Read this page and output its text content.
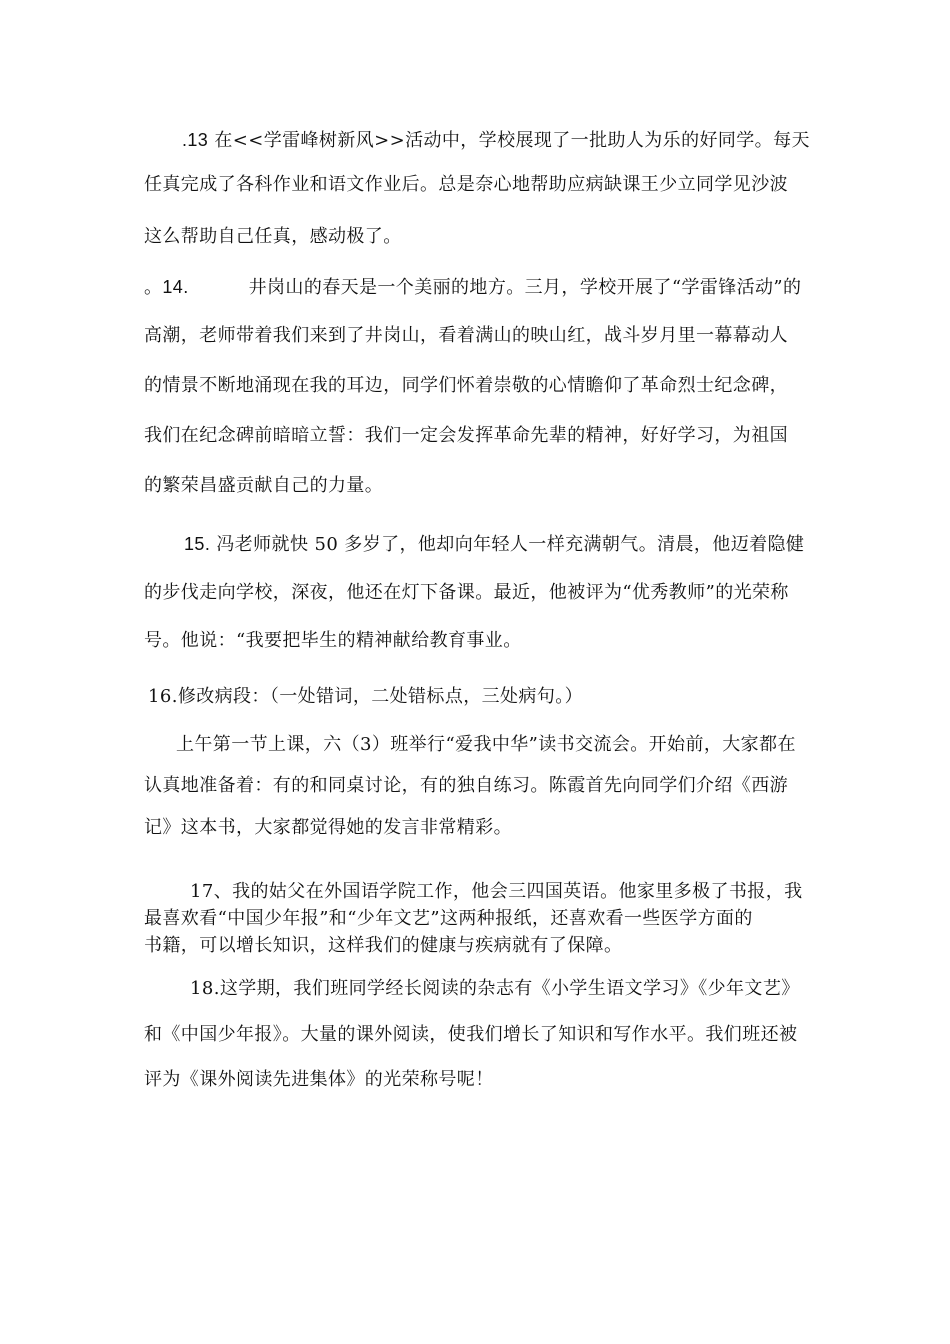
.13 在<<学雷峰树新风>>活动中，学校展现了一批助人为乐的好同学。每天
任真完成了各科作业和语文作业后。总是奈心地帮助应病缺课王少立同学见沙波
这么帮助自己任真，感动极了。
。14.	井岗山的春天是一个美丽的地方。三月，学校开展了“学雷锋活动”的
高潮，老师带着我们来到了井岗山，看着满山的映山红，战斗岁月里一幕幕动人
的情景不断地涌现在我的耳边，同学们怀着崇敬的心情瞻仰了革命烈士纪念碑，
我们在纪念碑前暗暗立誓：我们一定会发挥革命先辈的精神，好好学习，为祖国
的繁荣昌盛贡献自己的力量。
15. 冯老师就快 50 多岁了，他却向年轻人一样充满朝气。清晨，他迈着隐健
的步伐走向学校，深夜，他还在灯下备课。最近，他被评为“优秀教师”的光荣称
号。他说：“我要把毕生的精神献给教育事业。
16.修改病段：（一处错词，二处错标点，三处病句。）
上午第一节上课，六（3）班举行“爱我中华”读书交流会。开始前，大家都在
认真地准备着：有的和同桌讨论，有的独自练习。陈霞首先向同学们介绍《西游
记》这本书，大家都觉得她的发言非常精彩。
17、我的姑父在外国语学院工作，他会三四国英语。他家里多极了书报，我
最喜欢看“中国少年报”和“少年文艺”这两种报纸，还喜欢看一些医学方面的
书籍，可以增长知识，这样我们的健康与疾病就有了保障。
18.这学期，我们班同学经长阅读的杂志有《小学生语文学习》《少年文艺》
和《中国少年报》。大量的课外阅读，使我们增长了知识和写作水平。我们班还被
评为《课外阅读先进集体》的光荣称号呢！
